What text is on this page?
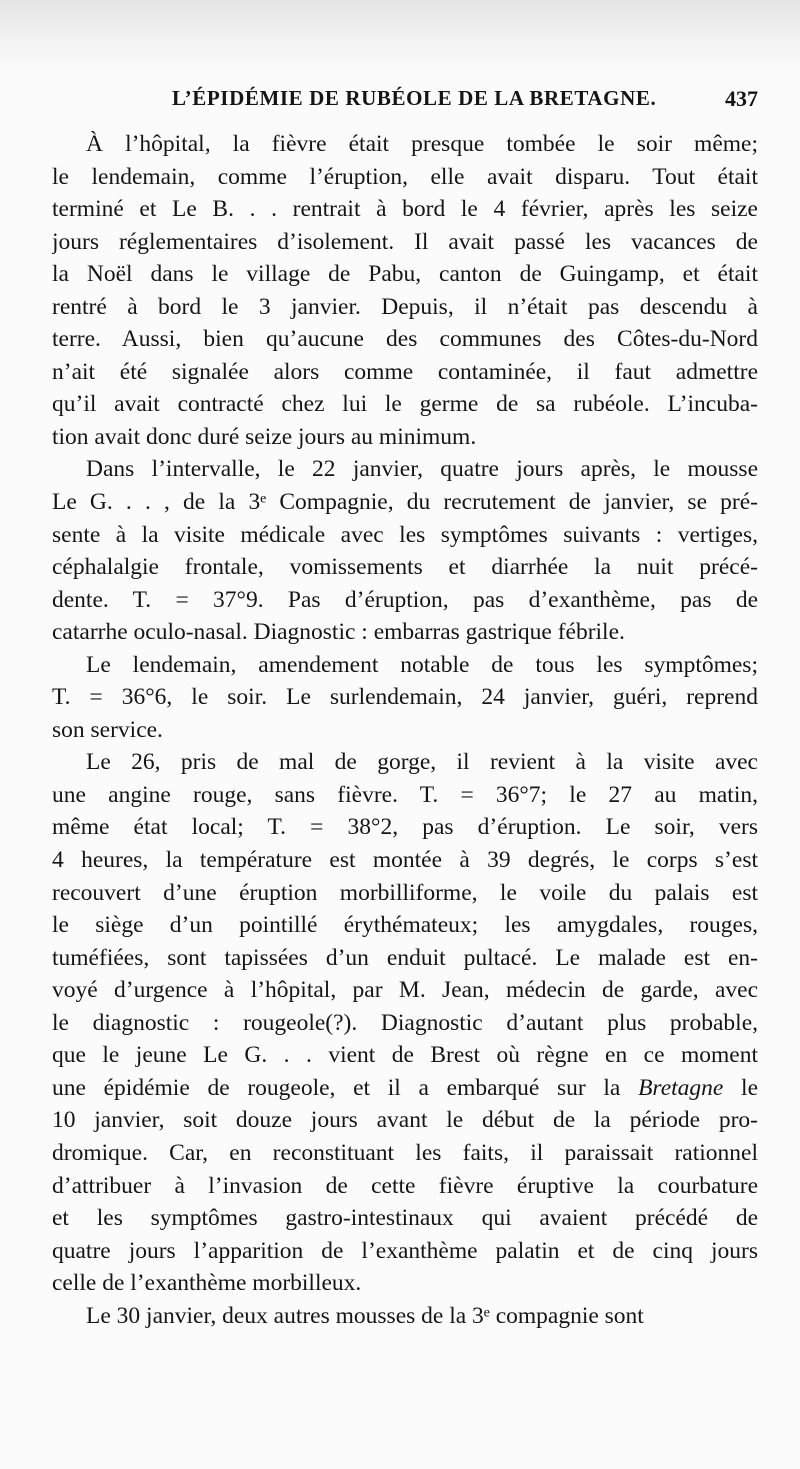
L’ÉPIDÉMIE DE RUBÉOLE DE LA BRETAGNE.	437
À l’hôpital, la fièvre était presque tombée le soir même;
le lendemain, comme l’éruption, elle avait disparu. Tout était
terminé et Le B. . . rentrait à bord le 4 février, après les seize
jours réglementaires d’isolement. Il avait passé les vacances de
la Noël dans le village de Pabu, canton de Guingamp, et était
rentré à bord le 3 janvier. Depuis, il n’était pas descendu à
terre. Aussi, bien qu’aucune des communes des Côtes-du-Nord
n’ait été signalée alors comme contaminée, il faut admettre
qu’il avait contracté chez lui le germe de sa rubéole. L’incuba-
tion avait donc duré seize jours au minimum.
Dans l’intervalle, le 22 janvier, quatre jours après, le mousse
Le G. . . , de la 3ᵉ Compagnie, du recrutement de janvier, se pré-
sente à la visite médicale avec les symptômes suivants : vertiges,
céphalalgie frontale, vomissements et diarrhée la nuit précé-
dente. T. = 37°9. Pas d’éruption, pas d’exanthème, pas de
catarrhe oculo-nasal. Diagnostic : embarras gastrique fébrile.
Le lendemain, amendement notable de tous les symptômes;
T. = 36°6, le soir. Le surlendemain, 24 janvier, guéri, reprend
son service.
Le 26, pris de mal de gorge, il revient à la visite avec
une angine rouge, sans fièvre. T. = 36°7; le 27 au matin,
même état local; T. = 38°2, pas d’éruption. Le soir, vers
4 heures, la température est montée à 39 degrés, le corps s’est
recouvert d’une éruption morbilliforme, le voile du palais est
le siège d’un pointillé érythémateux; les amygdales, rouges,
tuméfiées, sont tapissées d’un enduit pultacé. Le malade est en-
voyé d’urgence à l’hôpital, par M. Jean, médecin de garde, avec
le diagnostic : rougeole(?). Diagnostic d’autant plus probable,
que le jeune Le G. . . vient de Brest où règne en ce moment
une épidémie de rougeole, et il a embarqué sur la Bretagne le
10 janvier, soit douze jours avant le début de la période pro-
dromique. Car, en reconstituant les faits, il paraissait rationnel
d’attribuer à l’invasion de cette fièvre éruptive la courbature
et les symptômes gastro-intestinaux qui avaient précédé de
quatre jours l’apparition de l’exanthème palatin et de cinq jours
celle de l’exanthème morbilleux.
Le 30 janvier, deux autres mousses de la 3ᵉ compagnie sont
